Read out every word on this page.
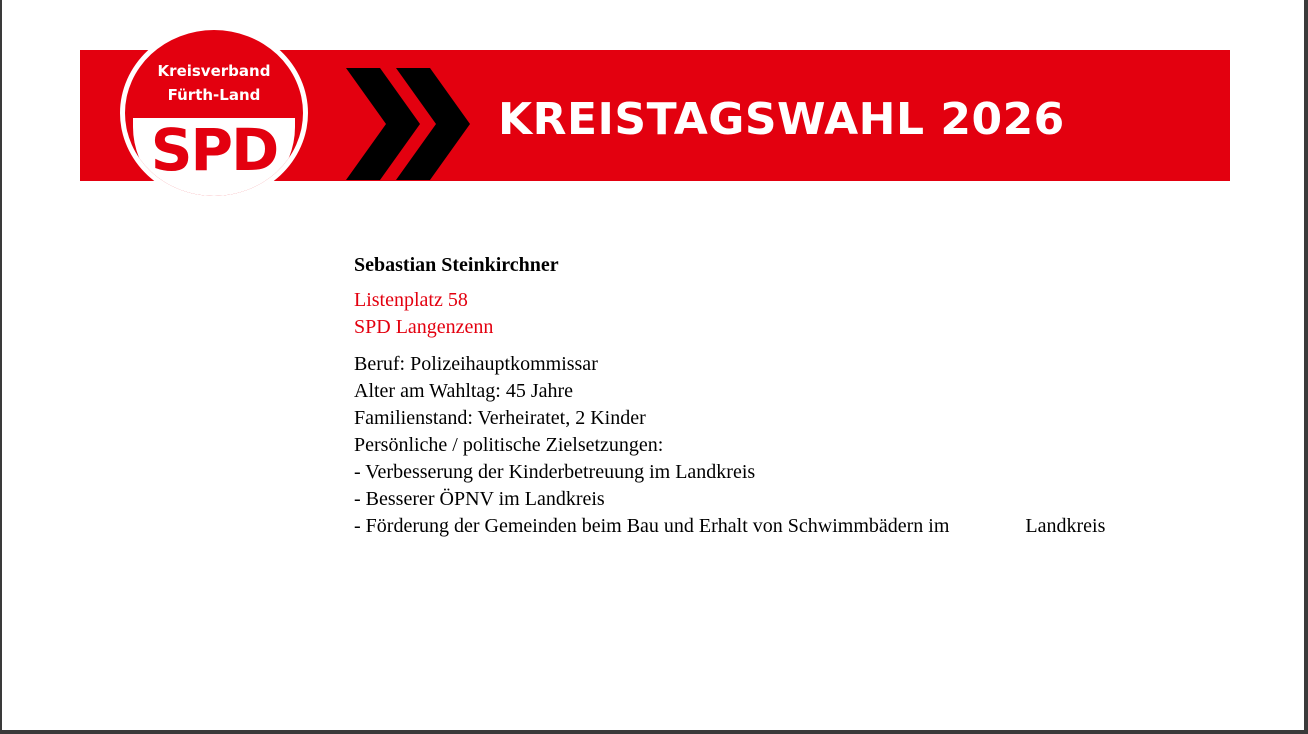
Kreisverband
Fürth-Land
SPD	KREISTAGSWAHL 2026
Sebastian Steinkirchner
Listenplatz 58
SPD Langenzenn
Beruf: Polizeihauptkommissar
Alter am Wahltag: 45 Jahre
Familienstand: Verheiratet, 2 Kinder
Persönliche / politische Zielsetzungen:
- Verbesserung der Kinderbetreuung im Landkreis
- Besserer ÖPNV im Landkreis
- Förderung der Gemeinden beim Bau und Erhalt von Schwimmbädern im	Landkreis
